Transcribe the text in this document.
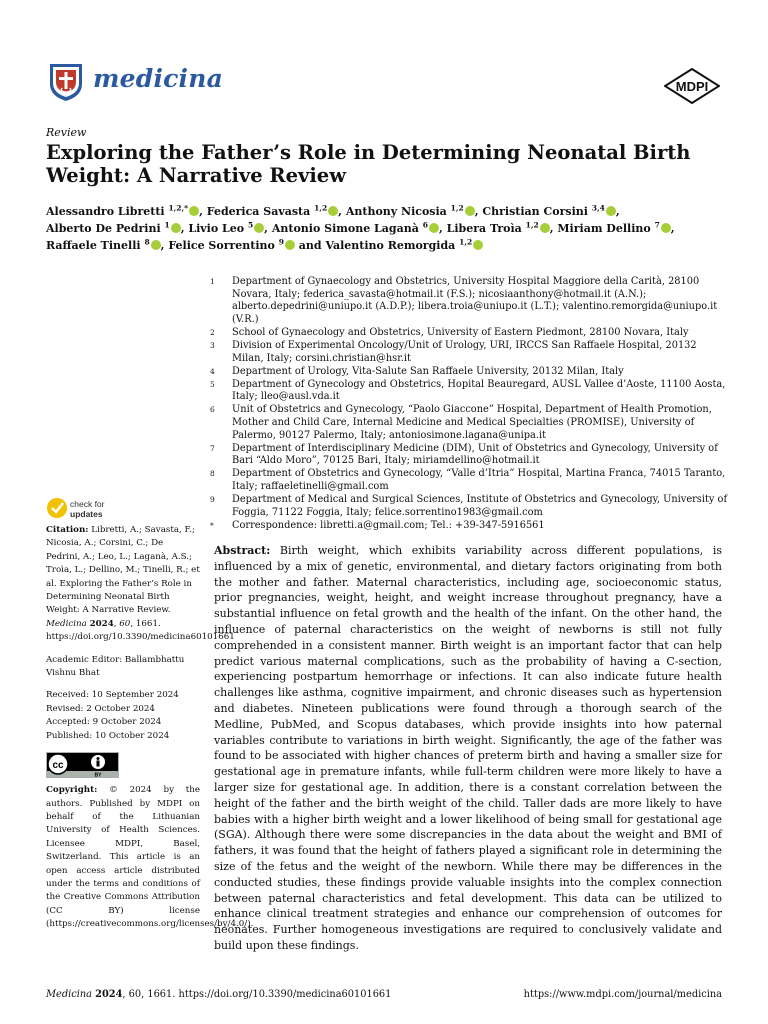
medicina	MDPI
Review
Exploring the Father’s Role in Determining Neonatal Birth Weight: A Narrative Review
Alessandro Libretti $^{1,2,*}$ , Federica Savasta $^{1,2}$ , Anthony Nicosia $^{1,2}$ , Christian Corsini $^{3,4}$ , Alberto De Pedrini $^1$ , Livio Leo $^5$ , Antonio Simone Laganà $^6$ , Libera Troìa $^{1,2}$ , Miriam Dellino $^7$ , Raffaele Tinelli $^8$ , Felice Sorrentino $^9$ and Valentino Remorgida $^{1,2}$
1	Department of Gynaecology and Obstetrics, University Hospital Maggiore della Carità, 28100 Novara, Italy; federica_savasta@hotmail.it (F.S.); nicosiaanthony@hotmail.it (A.N.); alberto.depedrini@uniupo.it (A.D.P.); libera.troia@uniupo.it (L.T.); valentino.remorgida@uniupo.it (V.R.)
2	School of Gynaecology and Obstetrics, University of Eastern Piedmont, 28100 Novara, Italy
3	Division of Experimental Oncology/Unit of Urology, URI, IRCCS San Raffaele Hospital, 20132 Milan, Italy; corsini.christian@hsr.it
4	Department of Urology, Vita-Salute San Raffaele University, 20132 Milan, Italy
5	Department of Gynecology and Obstetrics, Hopital Beauregard, AUSL Vallee d’Aoste, 11100 Aosta, Italy; lleo@ausl.vda.it
6	Unit of Obstetrics and Gynecology, “Paolo Giaccone” Hospital, Department of Health Promotion, Mother and Child Care, Internal Medicine and Medical Specialties (PROMISE), University of Palermo, 90127 Palermo, Italy; antoniosimone.lagana@unipa.it
7	Department of Interdisciplinary Medicine (DIM), Unit of Obstetrics and Gynecology, University of Bari “Aldo Moro”, 70125 Bari, Italy; miriamdellino@hotmail.it
8	Department of Obstetrics and Gynecology, “Valle d’Itria” Hospital, Martina Franca, 74015 Taranto, Italy; raffaeletinelli@gmail.com
9	Department of Medical and Surgical Sciences, Institute of Obstetrics and Gynecology, University of Foggia, 71122 Foggia, Italy; felice.sorrentino1983@gmail.com
*	Correspondence: libretti.a@gmail.com; Tel.: +39-347-5916561
check for
updates

Citation: Libretti, A.; Savasta, F.; Nicosia, A.; Corsini, C.; De Pedrini, A.; Leo, L.; Laganà, A.S.; Troìa, L.; Dellino, M.; Tinelli, R.; et al. Exploring the Father’s Role in Determining Neonatal Birth Weight: A Narrative Review. Medicina 2024, 60, 1661. https://doi.org/10.3390/medicina60101661

Academic Editor: Ballambhattu Vishnu Bhat

Received: 10 September 2024
Revised: 2 October 2024
Accepted: 9 October 2024
Published: 10 October 2024

cc
BY

Copyright: © 2024 by the authors. Published by MDPI on behalf of the Lithuanian University of Health Sciences. Licensee MDPI, Basel, Switzerland. This article is an open access article distributed under the terms and conditions of the Creative Commons Attribution (CC BY) license (https://creativecommons.org/licenses/by/4.0/).

Abstract: Birth weight, which exhibits variability across different populations, is influenced by a mix of genetic, environmental, and dietary factors originating from both the mother and father. Maternal characteristics, including age, socioeconomic status, prior pregnancies, weight, height, and weight increase throughout pregnancy, have a substantial influence on fetal growth and the health of the infant. On the other hand, the influence of paternal characteristics on the weight of newborns is still not fully comprehended in a consistent manner. Birth weight is an important factor that can help predict various maternal complications, such as the probability of having a C-section, experiencing postpartum hemorrhage or infections. It can also indicate future health challenges like asthma, cognitive impairment, and chronic diseases such as hypertension and diabetes. Nineteen publications were found through a thorough search of the Medline, PubMed, and Scopus databases, which provide insights into how paternal variables contribute to variations in birth weight. Significantly, the age of the father was found to be associated with higher chances of preterm birth and having a smaller size for gestational age in premature infants, while full-term children were more likely to have a larger size for gestational age. In addition, there is a constant correlation between the height of the father and the birth weight of the child. Taller dads are more likely to have babies with a higher birth weight and a lower likelihood of being small for gestational age (SGA). Although there were some discrepancies in the data about the weight and BMI of fathers, it was found that the height of fathers played a significant role in determining the size of the fetus and the weight of the newborn. While there may be differences in the conducted studies, these findings provide valuable insights into the complex connection between paternal characteristics and fetal development. This data can be utilized to enhance clinical treatment strategies and enhance our comprehension of outcomes for neonates. Further homogeneous investigations are required to conclusively validate and build upon these findings.
Medicina 2024, 60, 1661. https://doi.org/10.3390/medicina60101661	https://www.mdpi.com/journal/medicina
